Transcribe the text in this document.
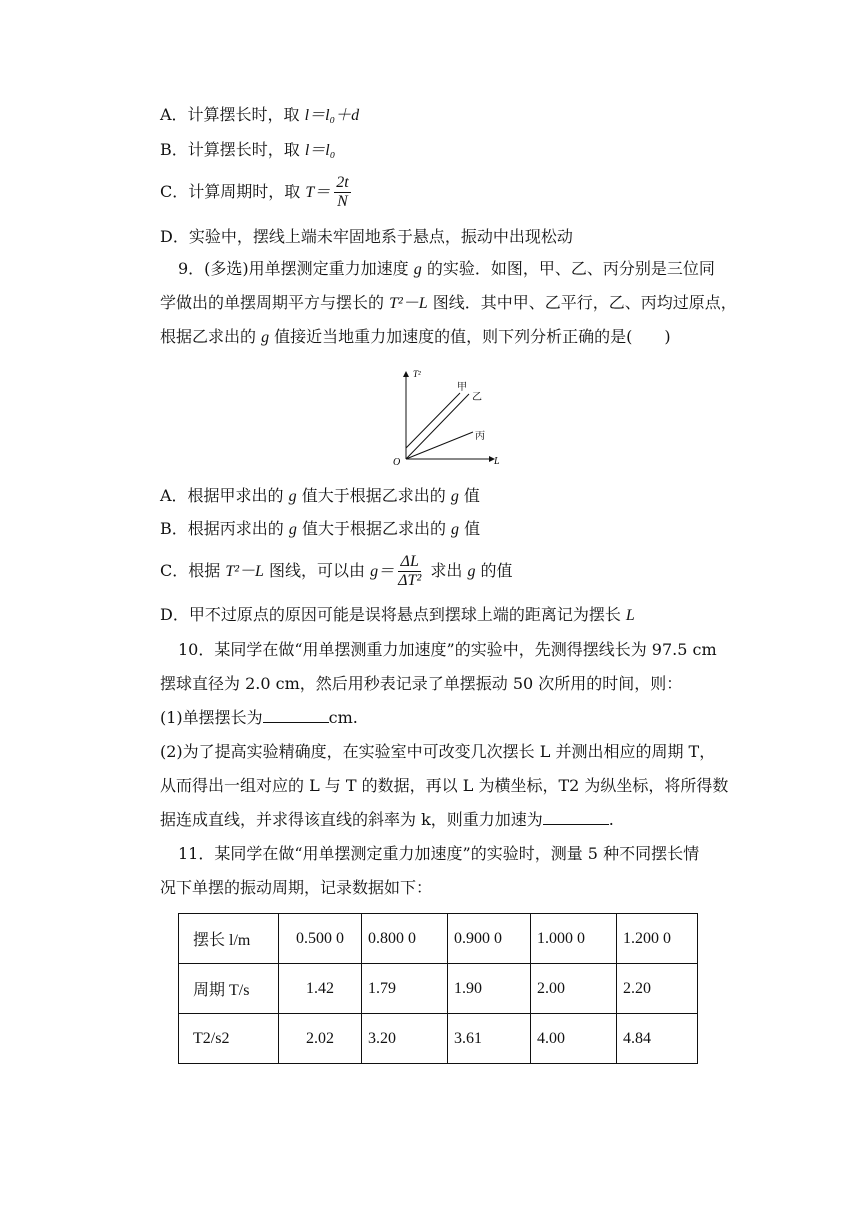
A．计算摆长时，取 l＝l₀＋d
B．计算摆长时，取 l＝l₀
C．计算周期时，取 $T= \frac{2t}{N}$
D．实验中，摆线上端未牢固地系于悬点，振动中出现松动
9．(多选)用单摆测定重力加速度 g 的实验．如图，甲、乙、丙分别是三位同
学做出的单摆周期平方与摆长的 T²－L 图线．其中甲、乙平行，乙、丙均过原点，
根据乙求出的 g 值接近当地重力加速度的值，则下列分析正确的是(　　)
T²
L
O
甲
乙
丙
A．根据甲求出的 g 值大于根据乙求出的 g 值
B．根据丙求出的 g 值大于根据乙求出的 g 值
C．根据 T²－L 图线，可以由 $g= \frac{\Delta L}{\text{ΔT²}}$ 求出 g 的值
D．甲不过原点的原因可能是误将悬点到摆球上端的距离记为摆长 L
10．某同学在做“用单摆测重力加速度”的实验中，先测得摆线长为 97.5 cm
摆球直径为 2.0 cm，然后用秒表记录了单摆振动 50 次所用的时间，则：
(1)单摆摆长为	cm.
(2)为了提高实验精确度，在实验室中可改变几次摆长 L 并测出相应的周期 T，
从而得出一组对应的 L 与 T 的数据，再以 L 为横坐标，T2 为纵坐标，将所得数
据连成直线，并求得该直线的斜率为 k，则重力加速为	.
11．某同学在做“用单摆测定重力加速度”的实验时，测量 5 种不同摆长情
况下单摆的振动周期，记录数据如下：
摆长 l/m	0.500 0	0.800 0	0.900 0	1.000 0	1.200 0
周期 T/s	1.42	1.79	1.90	2.00	2.20
T2/s2	2.02	3.20	3.61	4.00	4.84
